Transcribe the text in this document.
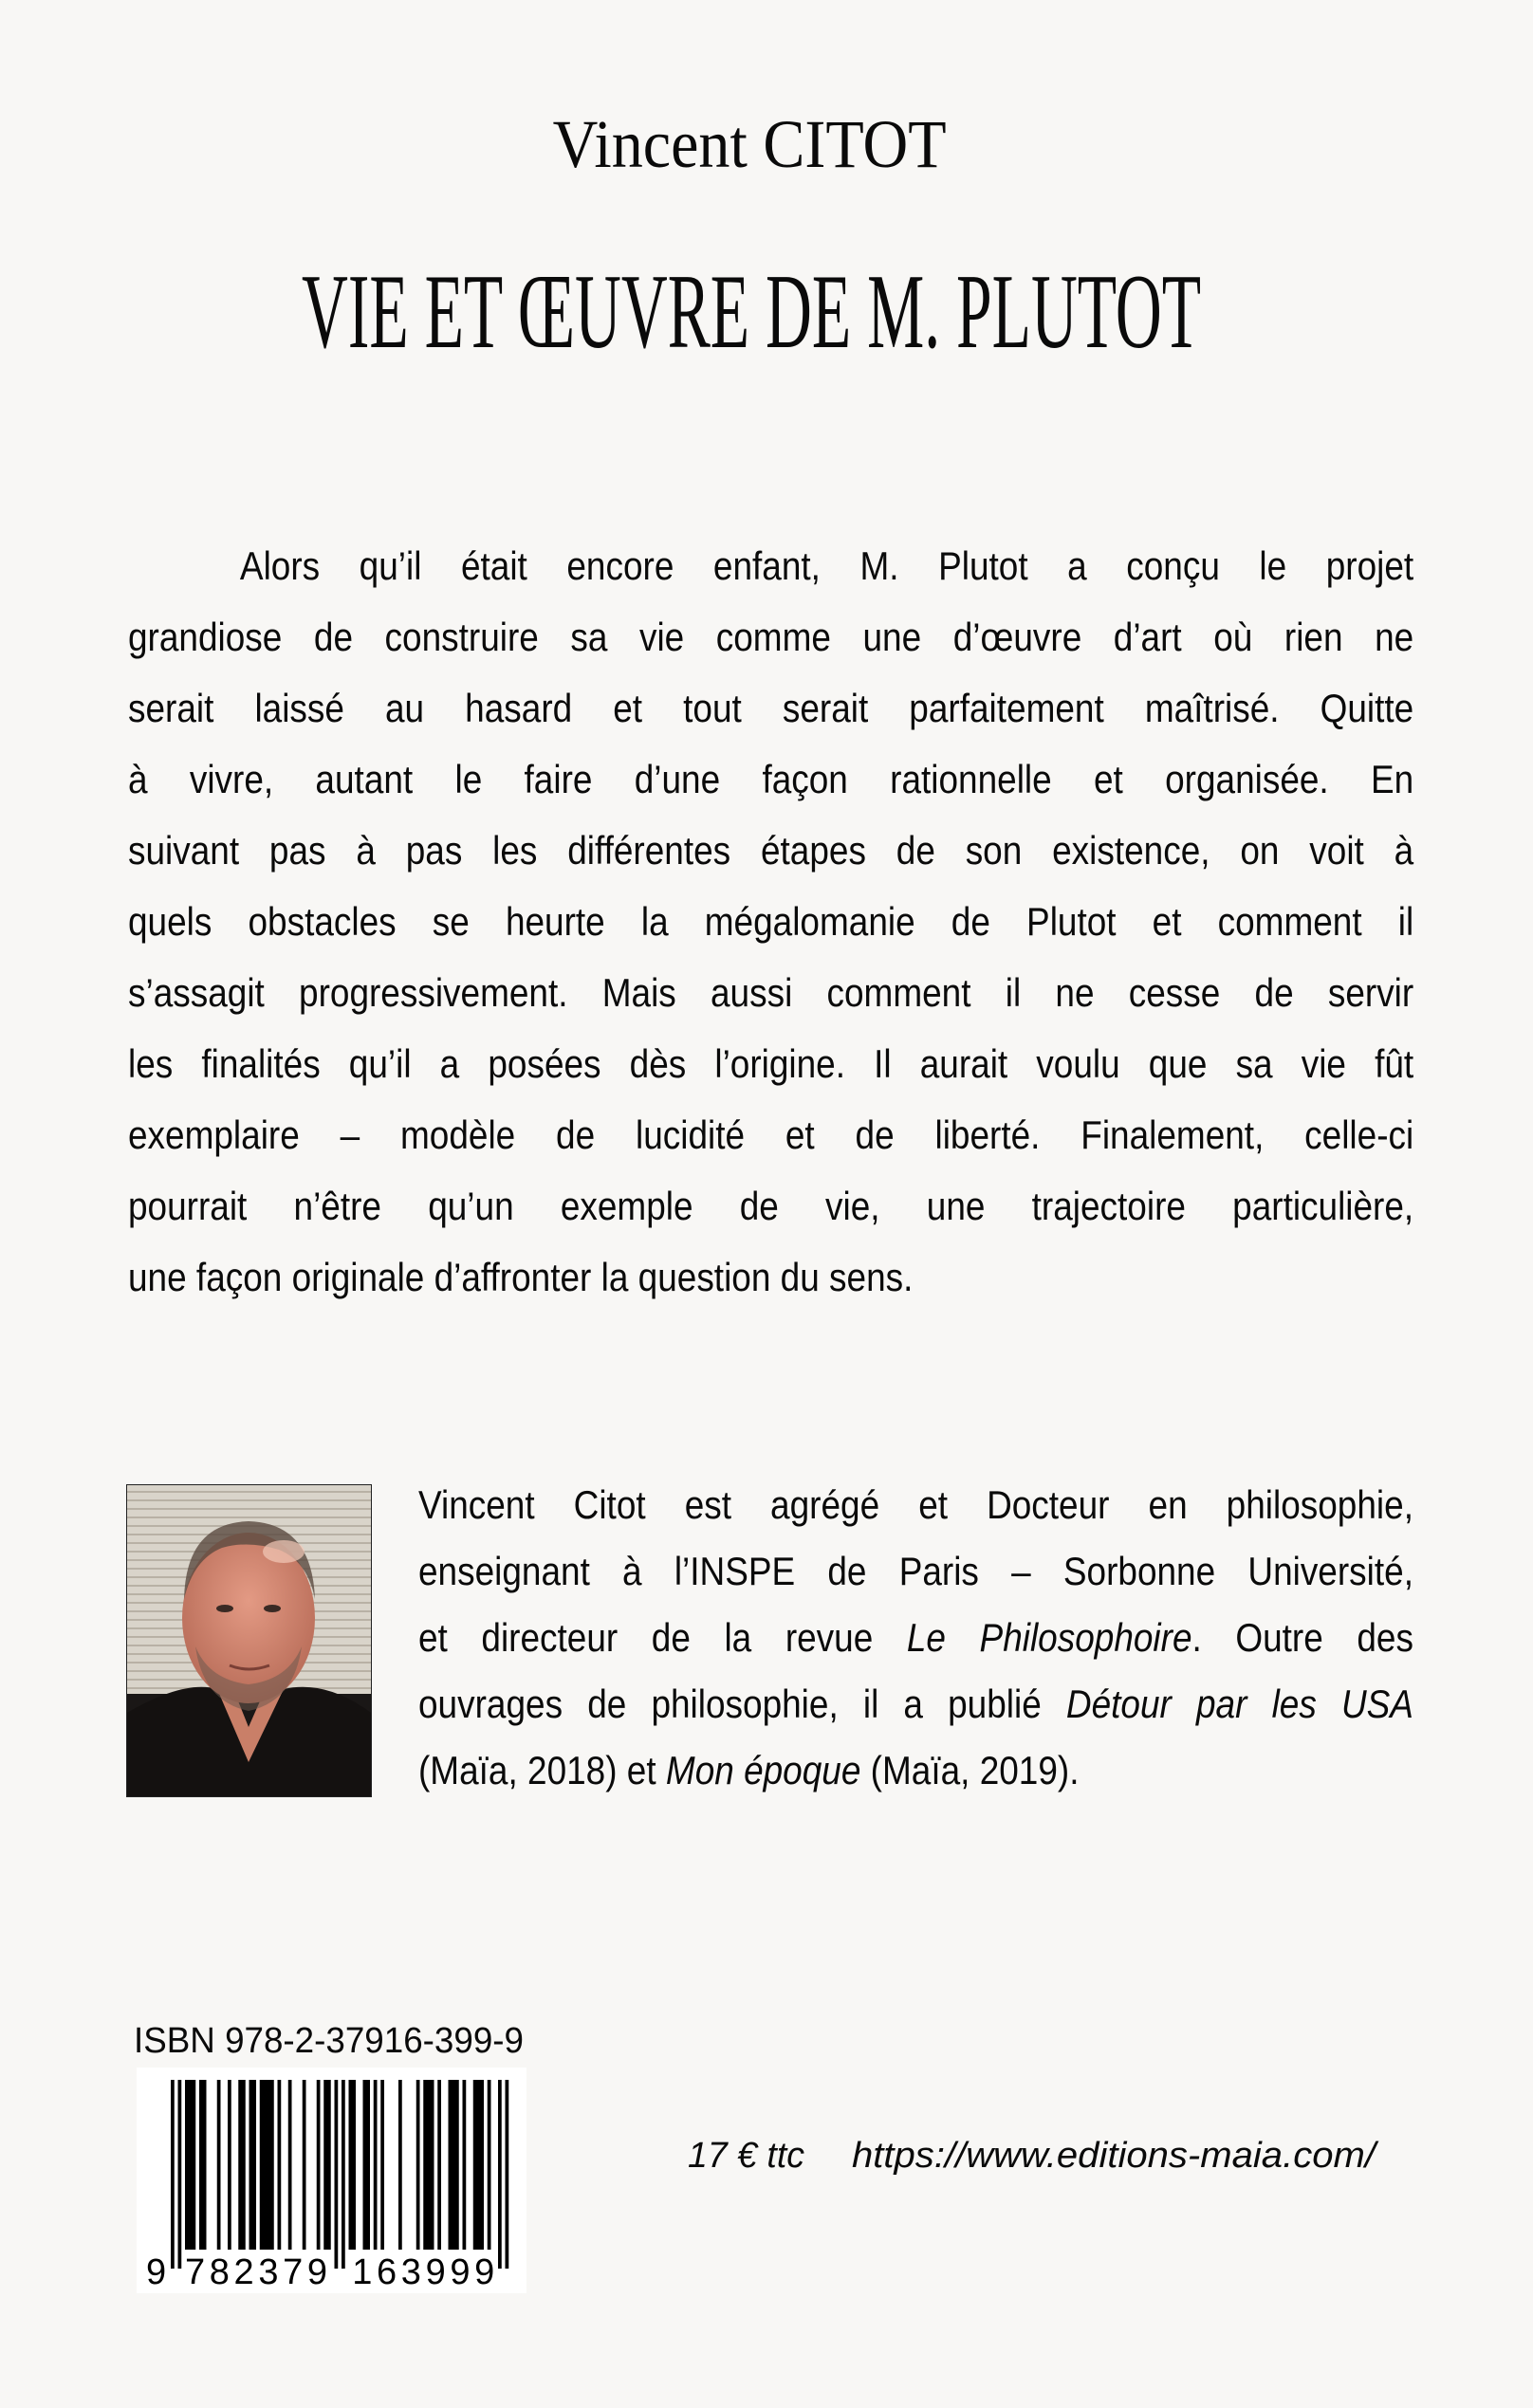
Vincent CITOT
VIE ET ŒUVRE DE M. PLUTOT
Alors qu’il était encore enfant, M. Plutot a conçu le projet
grandiose de construire sa vie comme une d’œuvre d’art où rien ne
serait laissé au hasard et tout serait parfaitement maîtrisé. Quitte
à vivre, autant le faire d’une façon rationnelle et organisée. En
suivant pas à pas les différentes étapes de son existence, on voit à
quels obstacles se heurte la mégalomanie de Plutot et comment il
s’assagit progressivement. Mais aussi comment il ne cesse de servir
les finalités qu’il a posées dès l’origine. Il aurait voulu que sa vie fût
exemplaire – modèle de lucidité et de liberté. Finalement, celle-ci
pourrait n’être qu’un exemple de vie, une trajectoire particulière,
une façon originale d’affronter la question du sens.
Vincent Citot est agrégé et Docteur en philosophie,
enseignant à l’INSPE de Paris – Sorbonne Université,
et directeur de la revue Le Philosophoire. Outre des
ouvrages de philosophie, il a publié Détour par les USA
(Maïa, 2018) et Mon époque (Maïa, 2019).
ISBN 978-2-37916-399-9
9 782379 163999
17 € ttc https://www.editions-maia.com/
